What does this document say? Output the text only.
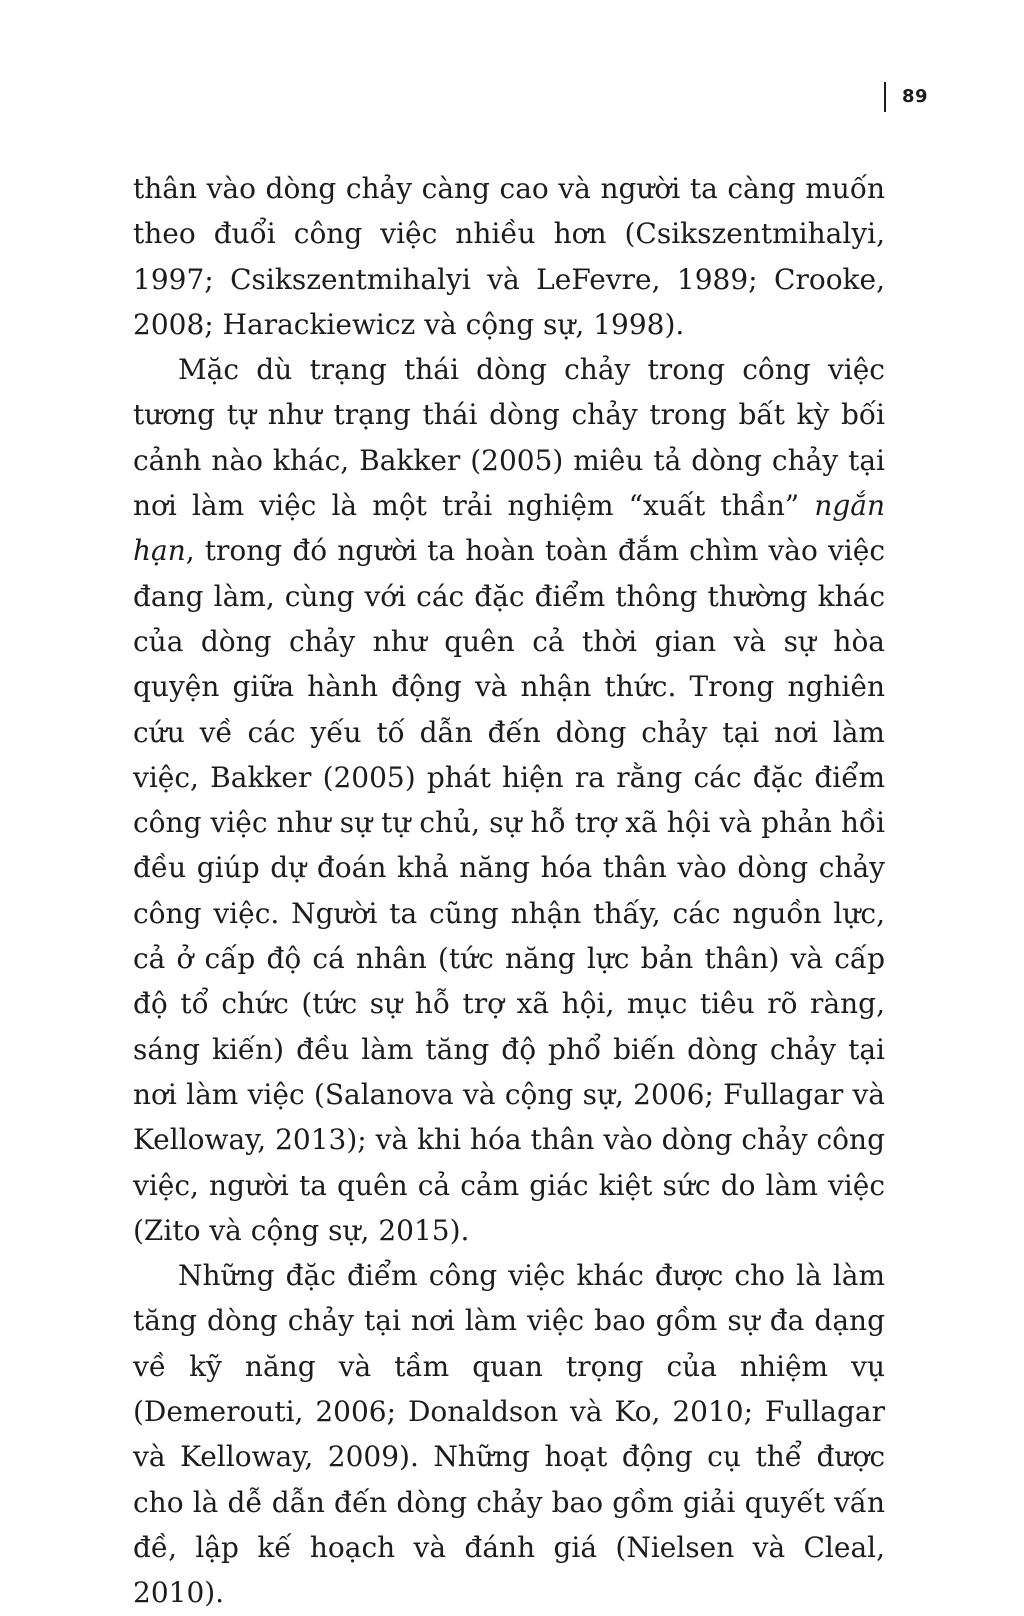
89

thân vào dòng chảy càng cao và người ta càng muốn theo đuổi công việc nhiều hơn (Csikszentmihalyi, 1997; Csikszentmihalyi và LeFevre, 1989; Crooke, 2008; Harackiewicz và cộng sự, 1998).

Mặc dù trạng thái dòng chảy trong công việc tương tự như trạng thái dòng chảy trong bất kỳ bối cảnh nào khác, Bakker (2005) miêu tả dòng chảy tại nơi làm việc là một trải nghiệm “xuất thần” ngắn hạn, trong đó người ta hoàn toàn đắm chìm vào việc đang làm, cùng với các đặc điểm thông thường khác của dòng chảy như quên cả thời gian và sự hòa quyện giữa hành động và nhận thức. Trong nghiên cứu về các yếu tố dẫn đến dòng chảy tại nơi làm việc, Bakker (2005) phát hiện ra rằng các đặc điểm công việc như sự tự chủ, sự hỗ trợ xã hội và phản hồi đều giúp dự đoán khả năng hóa thân vào dòng chảy công việc. Người ta cũng nhận thấy, các nguồn lực, cả ở cấp độ cá nhân (tức năng lực bản thân) và cấp độ tổ chức (tức sự hỗ trợ xã hội, mục tiêu rõ ràng, sáng kiến) đều làm tăng độ phổ biến dòng chảy tại nơi làm việc (Salanova và cộng sự, 2006; Fullagar và Kelloway, 2013); và khi hóa thân vào dòng chảy công việc, người ta quên cả cảm giác kiệt sức do làm việc (Zito và cộng sự, 2015).

Những đặc điểm công việc khác được cho là làm tăng dòng chảy tại nơi làm việc bao gồm sự đa dạng về kỹ năng và tầm quan trọng của nhiệm vụ (Demerouti, 2006; Donaldson và Ko, 2010; Fullagar và Kelloway, 2009). Những hoạt động cụ thể được cho là dễ dẫn đến dòng chảy bao gồm giải quyết vấn đề, lập kế hoạch và đánh giá (Nielsen và Cleal, 2010).
